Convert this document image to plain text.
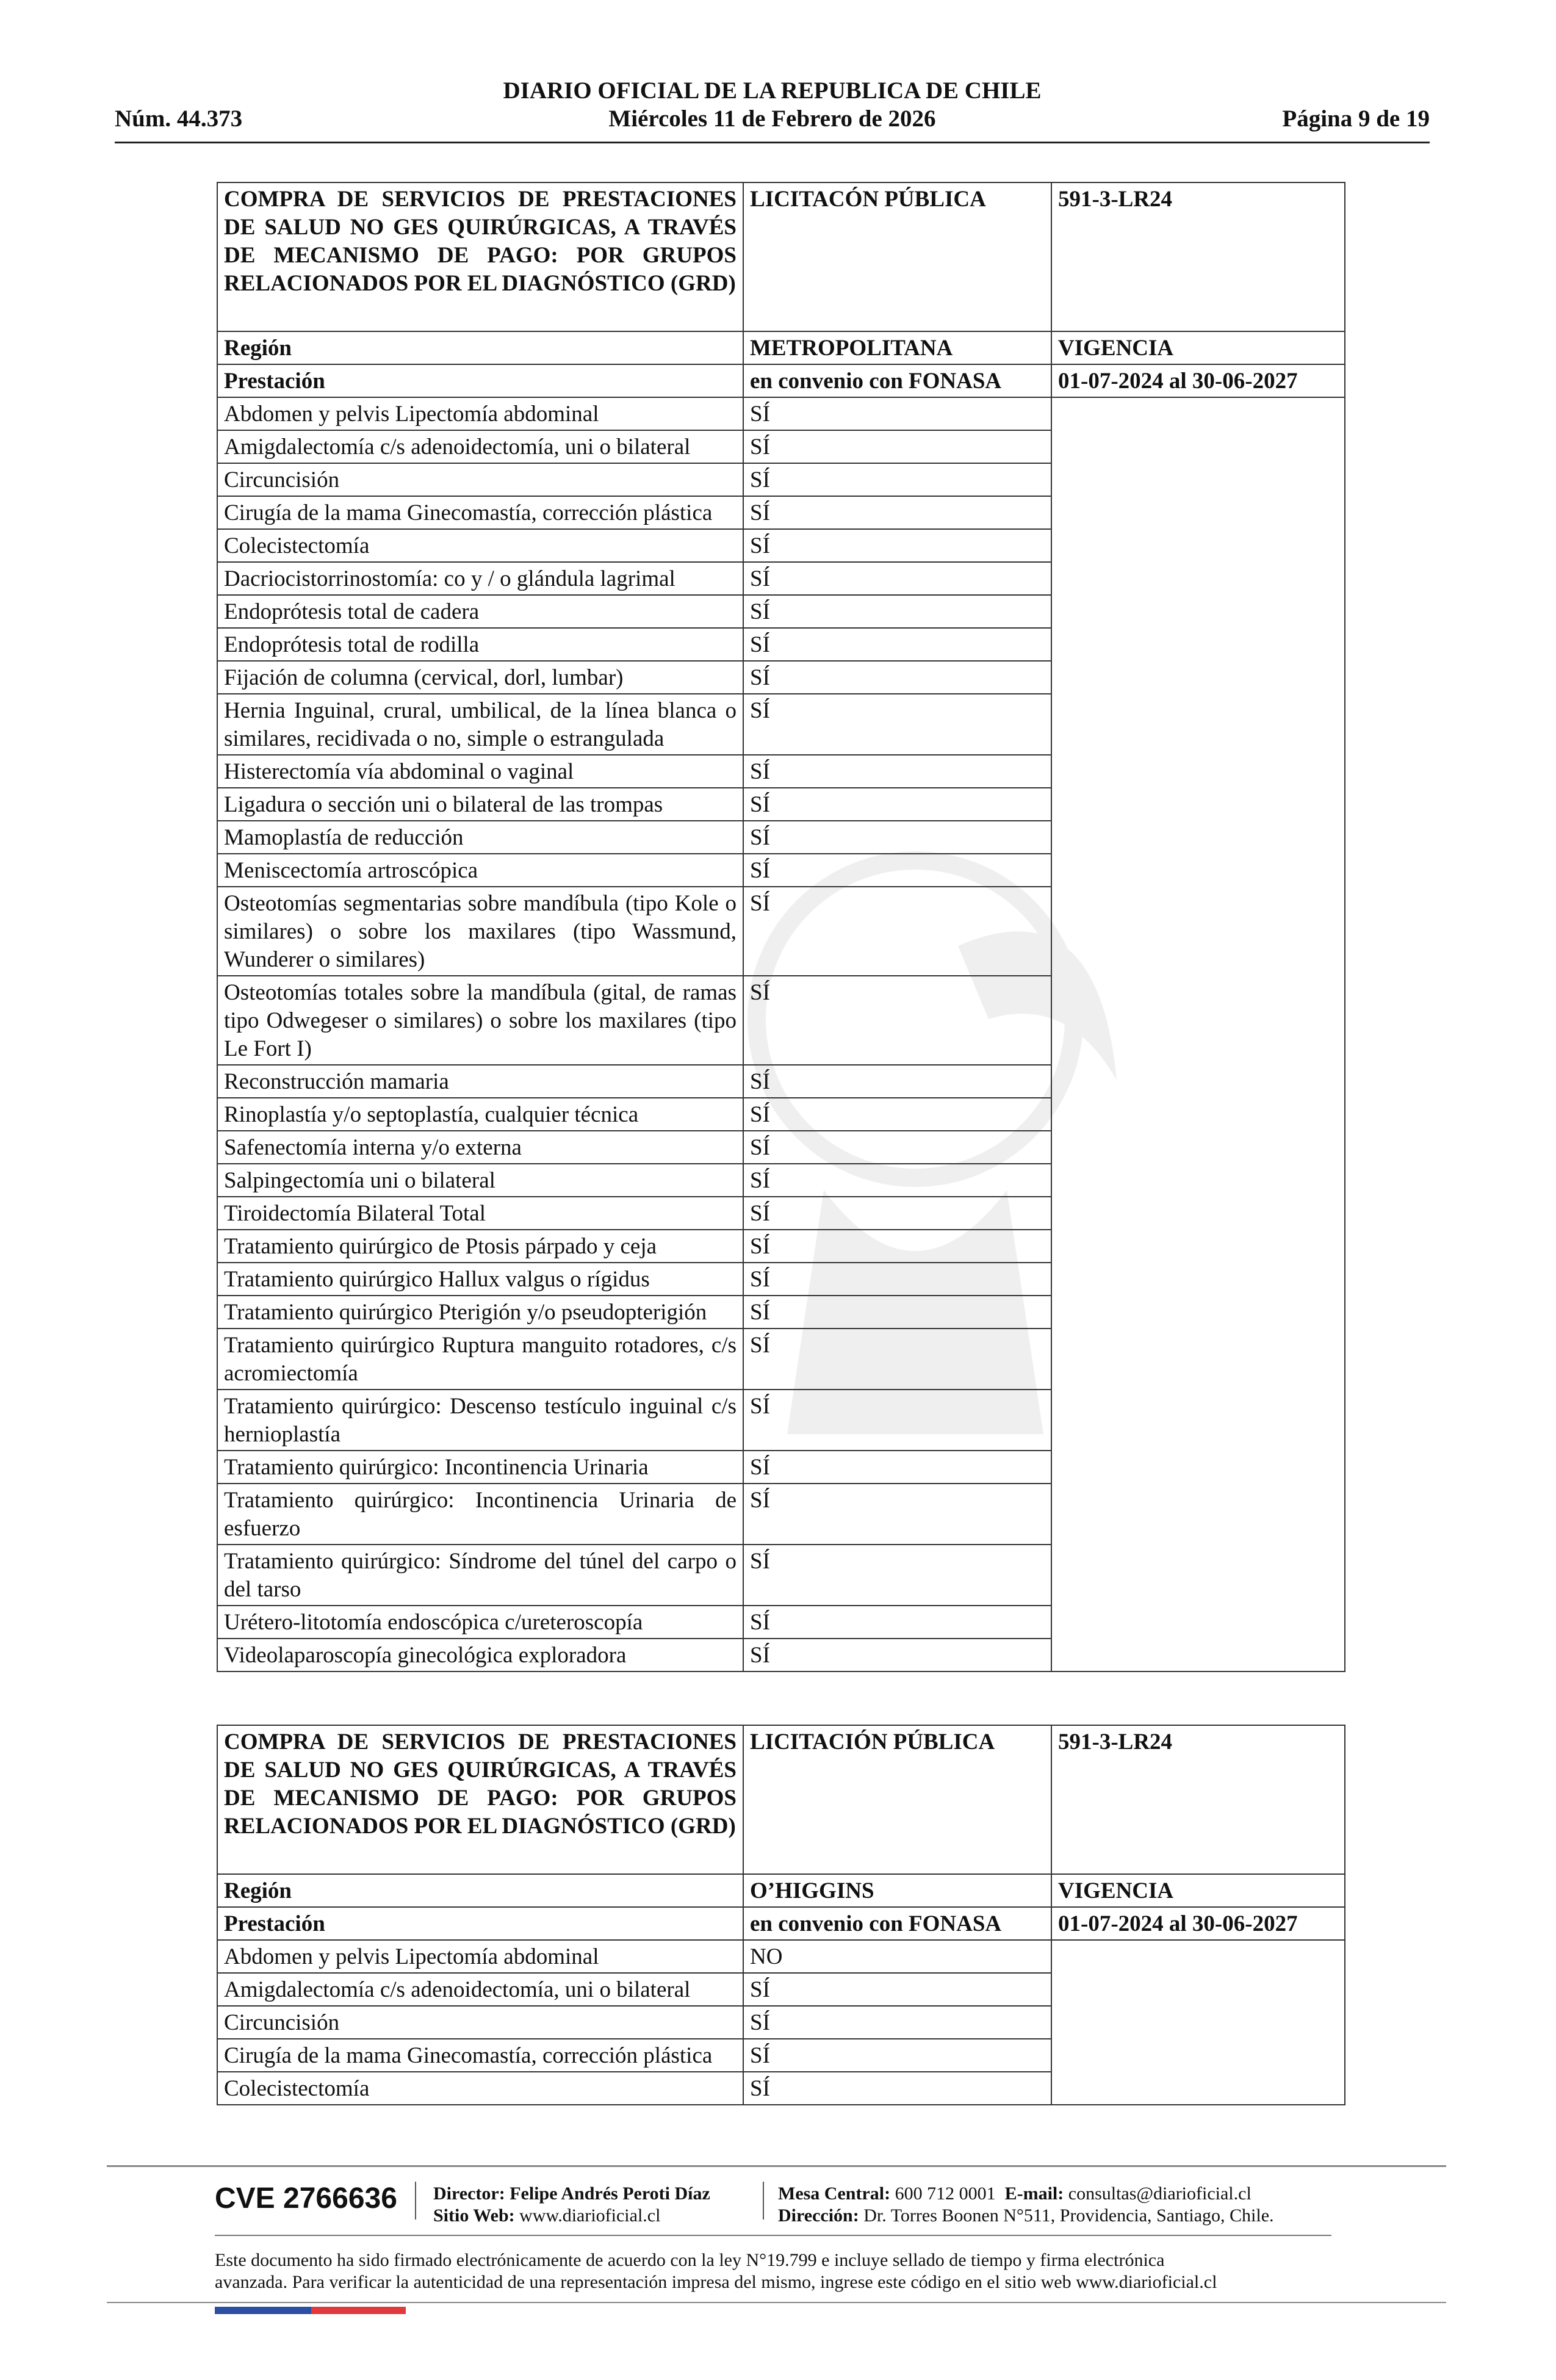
DIARIO OFICIAL DE LA REPUBLICA DE CHILE
Núm. 44.373	Miércoles 11 de Febrero de 2026	Página 9 de 19
COMPRA DE SERVICIOS DE PRESTACIONES DE SALUD NO GES QUIRÚRGICAS, A TRAVÉS DE MECANISMO DE PAGO: POR GRUPOS RELACIONADOS POR EL DIAGNÓSTICO (GRD)	LICITACÓN PÚBLICA	591-3-LR24
Región	METROPOLITANA	VIGENCIA
Prestación	en convenio con FONASA	01-07-2024 al 30-06-2027
Abdomen y pelvis Lipectomía abdominal	SÍ	
Amigdalectomía c/s adenoidectomía, uni o bilateral	SÍ	
Circuncisión	SÍ	
Cirugía de la mama Ginecomastía, corrección plástica	SÍ	
Colecistectomía	SÍ	
Dacriocistorrinostomía: co y / o glándula lagrimal	SÍ	
Endoprótesis total de cadera	SÍ	
Endoprótesis total de rodilla	SÍ	
Fijación de columna (cervical, dorl, lumbar)	SÍ	
Hernia Inguinal, crural, umbilical, de la línea blanca o similares, recidivada o no, simple o estrangulada	SÍ	
Histerectomía vía abdominal o vaginal	SÍ	
Ligadura o sección uni o bilateral de las trompas	SÍ	
Mamoplastía de reducción	SÍ	
Meniscectomía artroscópica	SÍ	
Osteotomías segmentarias sobre mandíbula (tipo Kole o similares) o sobre los maxilares (tipo Wassmund, Wunderer o similares)	SÍ	
Osteotomías totales sobre la mandíbula (gital, de ramas tipo Odwegeser o similares) o sobre los maxilares (tipo Le Fort I)	SÍ	
Reconstrucción mamaria	SÍ	
Rinoplastía y/o septoplastía, cualquier técnica	SÍ	
Safenectomía interna y/o externa	SÍ	
Salpingectomía uni o bilateral	SÍ	
Tiroidectomía Bilateral Total	SÍ	
Tratamiento quirúrgico de Ptosis párpado y ceja	SÍ	
Tratamiento quirúrgico Hallux valgus o rígidus	SÍ	
Tratamiento quirúrgico Pterigión y/o pseudopterigión	SÍ	
Tratamiento quirúrgico Ruptura manguito rotadores, c/s acromiectomía	SÍ	
Tratamiento quirúrgico: Descenso testículo inguinal c/s hernioplastía	SÍ	
Tratamiento quirúrgico: Incontinencia Urinaria	SÍ	
Tratamiento quirúrgico: Incontinencia Urinaria de esfuerzo	SÍ	
Tratamiento quirúrgico: Síndrome del túnel del carpo o del tarso	SÍ	
Urétero-litotomía endoscópica c/ureteroscopía	SÍ	
Videolaparoscopía ginecológica exploradora	SÍ	
COMPRA DE SERVICIOS DE PRESTACIONES DE SALUD NO GES QUIRÚRGICAS, A TRAVÉS DE MECANISMO DE PAGO: POR GRUPOS RELACIONADOS POR EL DIAGNÓSTICO (GRD)	LICITACIÓN PÚBLICA	591-3-LR24
Región	O’HIGGINS	VIGENCIA
Prestación	en convenio con FONASA	01-07-2024 al 30-06-2027
Abdomen y pelvis Lipectomía abdominal	NO	
Amigdalectomía c/s adenoidectomía, uni o bilateral	SÍ	
Circuncisión	SÍ	
Cirugía de la mama Ginecomastía, corrección plástica	SÍ	
Colecistectomía	SÍ	
CVE 2766636 Director: Felipe Andrés Peroti Díaz
Sitio Web: www.diarioficial.cl
Mesa Central: 600 712 0001 E-mail: consultas@diarioficial.cl
Dirección: Dr. Torres Boonen N°511, Providencia, Santiago, Chile.
Este documento ha sido firmado electrónicamente de acuerdo con la ley N°19.799 e incluye sellado de tiempo y firma electrónica
avanzada. Para verificar la autenticidad de una representación impresa del mismo, ingrese este código en el sitio web www.diarioficial.cl
